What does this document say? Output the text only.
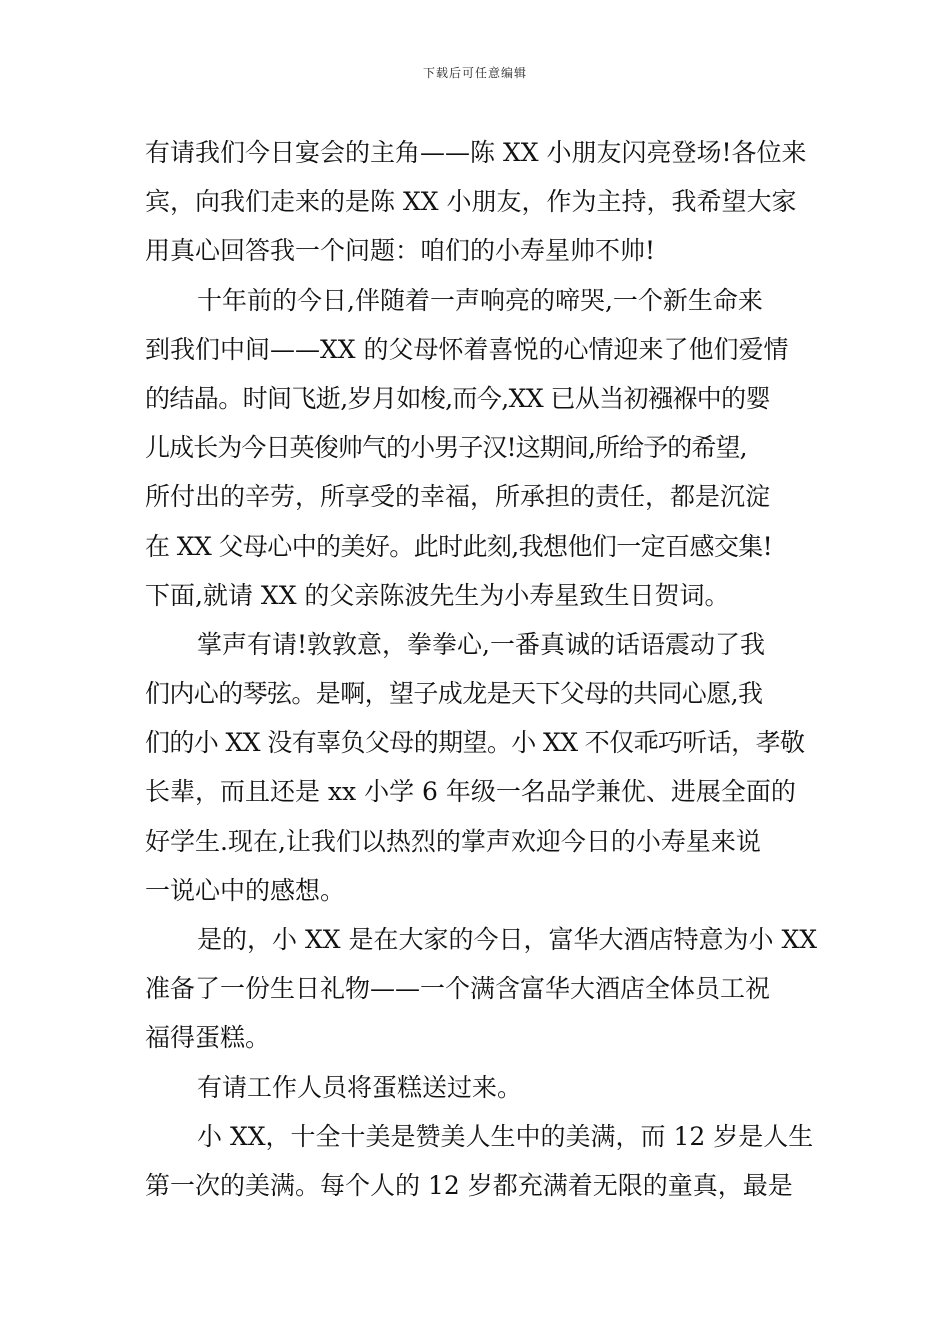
下载后可任意编辑
有请我们今日宴会的主角——陈 XX 小朋友闪亮登场!各位来
宾，向我们走来的是陈 XX 小朋友，作为主持，我希望大家
用真心回答我一个问题：咱们的小寿星帅不帅!
十年前的今日,伴随着一声响亮的啼哭,一个新生命来
到我们中间——XX 的父母怀着喜悦的心情迎来了他们爱情
的结晶。时间飞逝,岁月如梭,而今,XX 已从当初襁褓中的婴
儿成长为今日英俊帅气的小男子汉!这期间,所给予的希望,
所付出的辛劳，所享受的幸福，所承担的责任，都是沉淀
在 XX 父母心中的美好。此时此刻,我想他们一定百感交集!
下面,就请 XX 的父亲陈波先生为小寿星致生日贺词。
掌声有请!敦敦意，拳拳心,一番真诚的话语震动了我
们内心的琴弦。是啊，望子成龙是天下父母的共同心愿,我
们的小 XX 没有辜负父母的期望。小 XX 不仅乖巧听话，孝敬
长辈，而且还是 xx 小学 6 年级一名品学兼优、进展全面的
好学生.现在,让我们以热烈的掌声欢迎今日的小寿星来说
一说心中的感想。
是的，小 XX 是在大家的今日，富华大酒店特意为小 XX
准备了一份生日礼物——一个满含富华大酒店全体员工祝
福得蛋糕。
有请工作人员将蛋糕送过来。
小 XX，十全十美是赞美人生中的美满，而 12 岁是人生
第一次的美满。每个人的 12 岁都充满着无限的童真，最是
